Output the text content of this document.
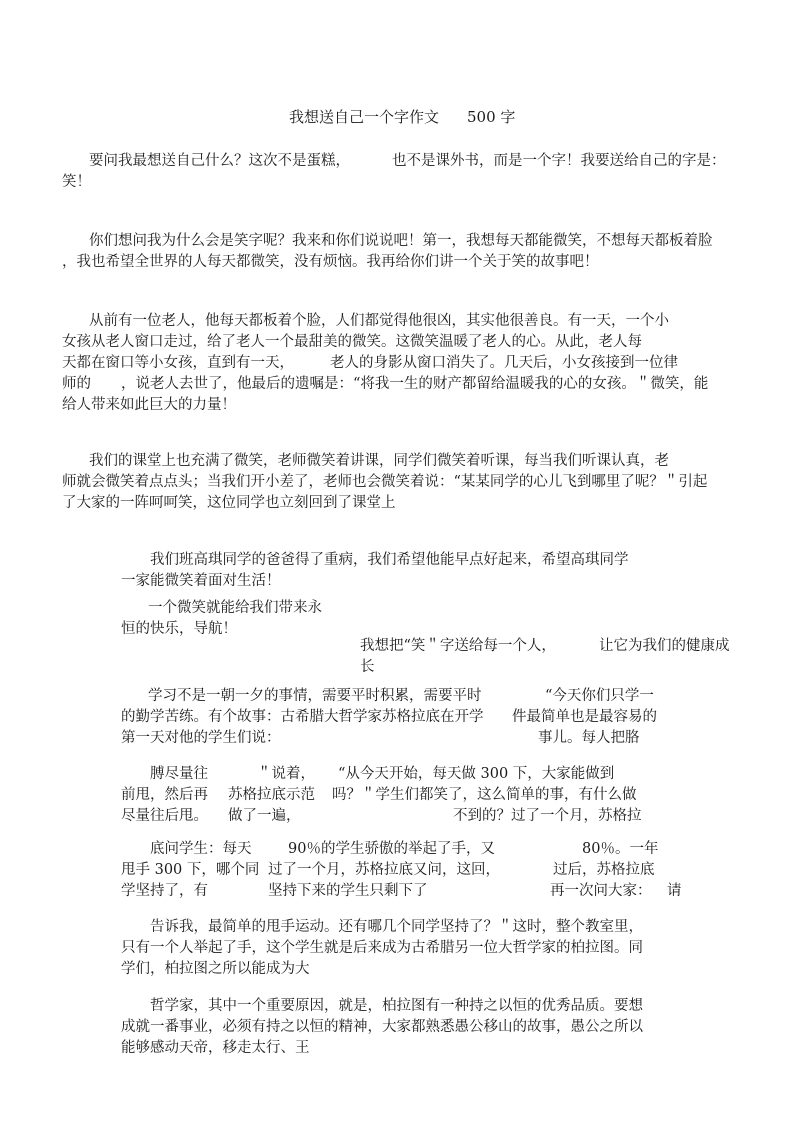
我想送自己一个字作文 500 字
要问我最想送自己什么？这次不是蛋糕，	也不是课外书，而是一个字！我要送给自己的字是：
笑！
你们想问我为什么会是笑字呢？我来和你们说说吧！第一，我想每天都能微笑，不想每天都板着脸
，我也希望全世界的人每天都微笑，没有烦恼。我再给你们讲一个关于笑的故事吧！
从前有一位老人，他每天都板着个脸，人们都觉得他很凶，其实他很善良。有一天，一个小
女孩从老人窗口走过，给了老人一个最甜美的微笑。这微笑温暖了老人的心。从此，老人每
天都在窗口等小女孩，直到有一天， 老人的身影从窗口消失了。几天后，小女孩接到一位律
师的 ，说老人去世了，他最后的遗嘱是：“将我一生的财产都留给温暖我的心的女孩。＂微笑，能
给人带来如此巨大的力量！
我们的课堂上也充满了微笑，老师微笑着讲课，同学们微笑着听课，每当我们听课认真，老
师就会微笑着点点头；当我们开小差了，老师也会微笑着说：“某某同学的心儿飞到哪里了呢？＂引起
了大家的一阵呵呵笑，这位同学也立刻回到了课堂上
我们班高琪同学的爸爸得了重病，我们希望他能早点好起来，希望高琪同学
一家能微笑着面对生活！
一个微笑就能给我们带来永
恒的快乐，导航！
我想把“笑＂字送给每一个人，	让它为我们的健康成
长
学习不是一朝一夕的事情，需要平时积累，需要平时
的勤学苦练。有个故事：古希腊大哲学家苏格拉底在开学
第一天对他的学生们说：
“今天你们只学一
件最简单也是最容易的
事儿。每人把胳
膊尽量往	＂说着， “从今天开始，每天做 300 下，大家能做到
前甩，然后再 苏格拉底示范 吗？＂学生们都笑了，这么简单的事，有什么做
尽量往后甩。 做了一遍，	不到的？过了一个月，苏格拉
底问学生：每天	90％的学生骄傲的举起了手，又	80％。一年
甩手 300 下，哪个同 过了一个月，苏格拉底又问，这回，	过后，苏格拉底
学坚持了，有	坚持下来的学生只剩下了	再一次问大家： 请
告诉我，最简单的甩手运动。还有哪几个同学坚持了？＂这时，整个教室里，
只有一个人举起了手，这个学生就是后来成为古希腊另一位大哲学家的柏拉图。同
学们，柏拉图之所以能成为大
哲学家，其中一个重要原因，就是，柏拉图有一种持之以恒的优秀品质。要想
成就一番事业，必须有持之以恒的精神，大家都熟悉愚公移山的故事，愚公之所以
能够感动天帝，移走太行、王
